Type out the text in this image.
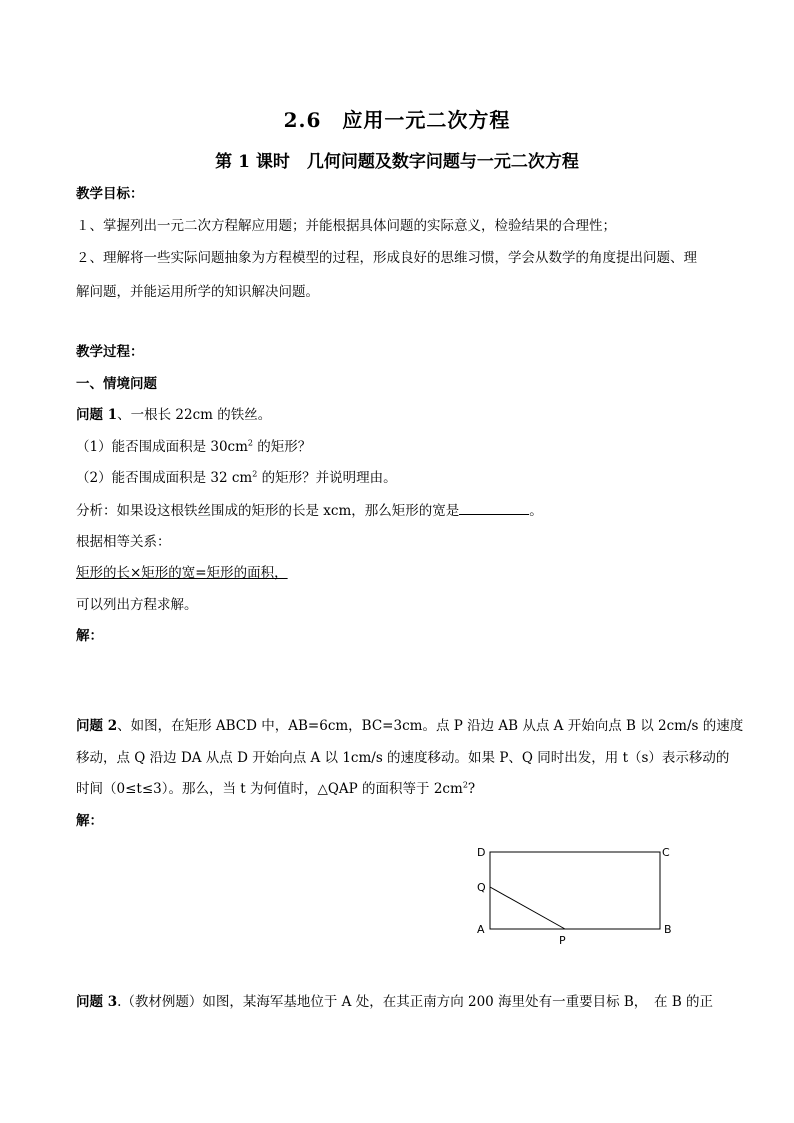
2.6　应用一元二次方程
第 1 课时　几何问题及数字问题与一元二次方程
教学目标：
１、掌握列出一元二次方程解应用题；并能根据具体问题的实际意义，检验结果的合理性；
２、理解将一些实际问题抽象为方程模型的过程，形成良好的思维习惯，学会从数学的角度提出问题、理
解问题，并能运用所学的知识解决问题。
教学过程：
一、情境问题
问题 1、一根长 22cm 的铁丝。
（1）能否围成面积是 $30cm^2$ 的矩形？
（2）能否围成面积是 32 $cm^2$ 的矩形？并说明理由。
分析：如果设这根铁丝围成的矩形的长是 xcm，那么矩形的宽是	。
根据相等关系：
矩形的长×矩形的宽=矩形的面积，
可以列出方程求解。
解：
问题 2、如图，在矩形 ABCD 中，AB=6cm，BC=3cm。点 P 沿边 AB 从点 A 开始向点 B 以 2cm/s 的速度
移动，点 Q 沿边 DA 从点 D 开始向点 A 以 1cm/s 的速度移动。如果 P、Q 同时出发，用 t（s）表示移动的
时间（0≤t≤3）。那么，当 t 为何值时，△QAP 的面积等于 $2cm^2$?
解：
D	C
Q
A	B
P
问题 3.（教材例题）如图，某海军基地位于 A 处，在其正南方向 200 海里处有一重要目标 B，　在 B 的正
